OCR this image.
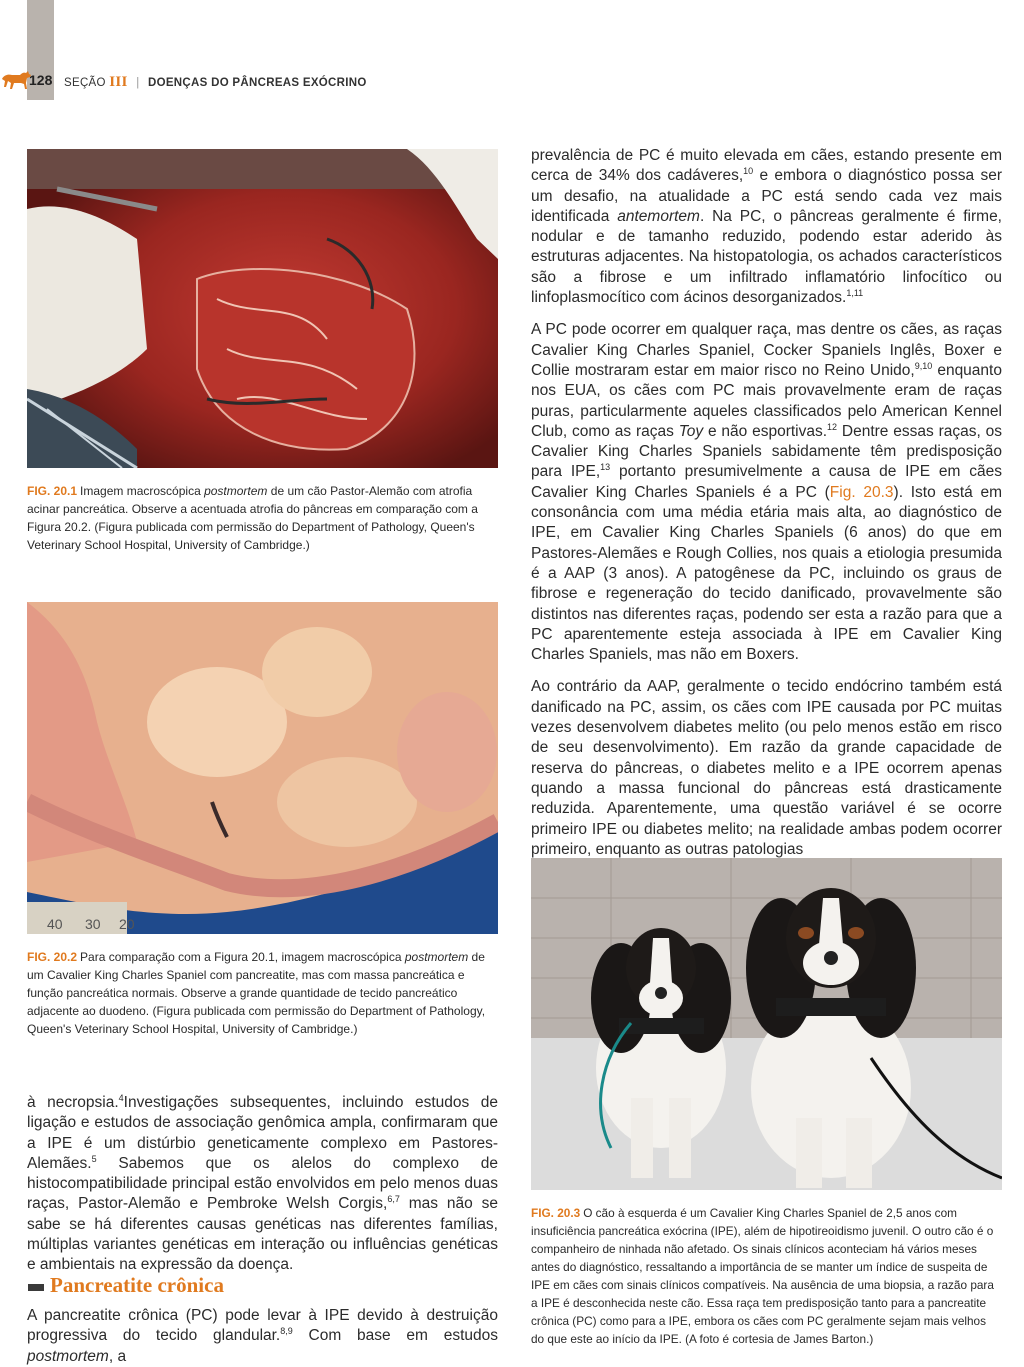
128 SEÇÃO III | DOENÇAS DO PÂNCREAS EXÓCRINO
FIG. 20.1 Imagem macroscópica postmortem de um cão Pastor-Alemão com atrofia acinar pancreática. Observe a acentuada atrofia do pâncreas em comparação com a Figura 20.2. (Figura publicada com permissão do Department of Pathology, Queen's Veterinary School Hospital, University of Cambridge.)
40 30 20
FIG. 20.2 Para comparação com a Figura 20.1, imagem macroscópica postmortem de um Cavalier King Charles Spaniel com pancreatite, mas com massa pancreática e função pancreática normais. Observe a grande quantidade de tecido pancreático adjacente ao duodeno. (Figura publicada com permissão do Department of Pathology, Queen's Veterinary School Hospital, University of Cambridge.)
FIG. 20.3 O cão à esquerda é um Cavalier King Charles Spaniel de 2,5 anos com insuficiência pancreática exócrina (IPE), além de hipotireoidismo juvenil. O outro cão é o companheiro de ninhada não afetado. Os sinais clínicos aconteciam há vários meses antes do diagnóstico, ressaltando a importância de se manter um índice de suspeita de IPE em cães com sinais clínicos compatíveis. Na ausência de uma biopsia, a razão para a IPE é desconhecida neste cão. Essa raça tem predisposição tanto para a pancreatite crônica (PC) como para a IPE, embora os cães com PC geralmente sejam mais velhos do que este ao início da IPE. (A foto é cortesia de James Barton.)

prevalência de PC é muito elevada em cães, estando presente em cerca de 34% dos cadáveres,$^{10}$ e embora o diagnóstico possa ser um desafio, na atualidade a PC está sendo cada vez mais identificada antemortem. Na PC, o pâncreas geralmente é firme, nodular e de tamanho reduzido, podendo estar aderido às estruturas adjacentes. Na histopatologia, os achados característicos são a fibrose e um infiltrado inflamatório linfocítico ou linfoplasmocítico com ácinos desorganizados.$^{1,11}$

A PC pode ocorrer em qualquer raça, mas dentre os cães, as raças Cavalier King Charles Spaniel, Cocker Spaniels Inglês, Boxer e Collie mostraram estar em maior risco no Reino Unido,$^{9,10}$ enquanto nos EUA, os cães com PC mais provavelmente eram de raças puras, particularmente aqueles classificados pelo American Kennel Club, como as raças Toy e não esportivas.$^{12}$ Dentre essas raças, os Cavalier King Charles Spaniels sabidamente têm predisposição para IPE,$^{13}$ portanto presumivelmente a causa de IPE em cães Cavalier King Charles Spaniels é a PC (Fig. 20.3). Isto está em consonância com uma média etária mais alta, ao diagnóstico de IPE, em Cavalier King Charles Spaniels (6 anos) do que em Pastores-Alemães e Rough Collies, nos quais a etiologia presumida é a AAP (3 anos). A patogênese da PC, incluindo os graus de fibrose e regeneração do tecido danificado, provavelmente são distintos nas diferentes raças, podendo ser esta a razão para que a PC aparentemente esteja associada à IPE em Cavalier King Charles Spaniels, mas não em Boxers.

Ao contrário da AAP, geralmente o tecido endócrino também está danificado na PC, assim, os cães com IPE causada por PC muitas vezes desenvolvem diabetes melito (ou pelo menos estão em risco de seu desenvolvimento). Em razão da grande capacidade de reserva do pâncreas, o diabetes melito e a IPE ocorrem apenas quando a massa funcional do pâncreas está drasticamente reduzida. Aparentemente, uma questão variável é se ocorre primeiro IPE ou diabetes melito; na realidade ambas podem ocorrer primeiro, enquanto as outras patologias

à necropsia.$^4$Investigações subsequentes, incluindo estudos de ligação e estudos de associação genômica ampla, confirmaram que a IPE é um distúrbio geneticamente complexo em Pastores-Alemães.$^5$ Sabemos que os alelos do complexo de histocompatibilidade principal estão envolvidos em pelo menos duas raças, Pastor-Alemão e Pembroke Welsh Corgis,$^{6,7}$ mas não se sabe se há diferentes causas genéticas nas diferentes famílias, múltiplas variantes genéticas em interação ou influências genéticas e ambientais na expressão da doença.

Pancreatite crônica

A pancreatite crônica (PC) pode levar à IPE devido à destruição progressiva do tecido glandular.$^{8,9}$ Com base em estudos postmortem, a
